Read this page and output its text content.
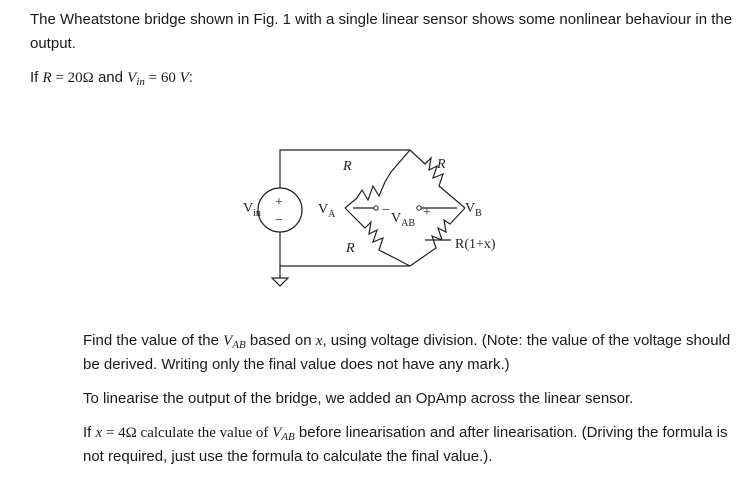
The Wheatstone bridge shown in Fig. 1 with a single linear sensor shows some nonlinear behaviour in the output.

If R = 20Ω and $V_{in} = 60$ V:

+
−
R	R
R	R(1+x)
$V_{in}$	$V_A$	$V_B$
$V_{AB}$
+
−

Find the value of the $V_{AB}$ based on x, using voltage division. (Note: the value of the voltage should be derived. Writing only the final value does not have any mark.)

To linearise the output of the bridge, we added an OpAmp across the linear sensor.

If x = 4Ω calculate the value of $V_{AB}$ before linearisation and after linearisation. (Driving the formula is not required, just use the formula to calculate the final value.).
